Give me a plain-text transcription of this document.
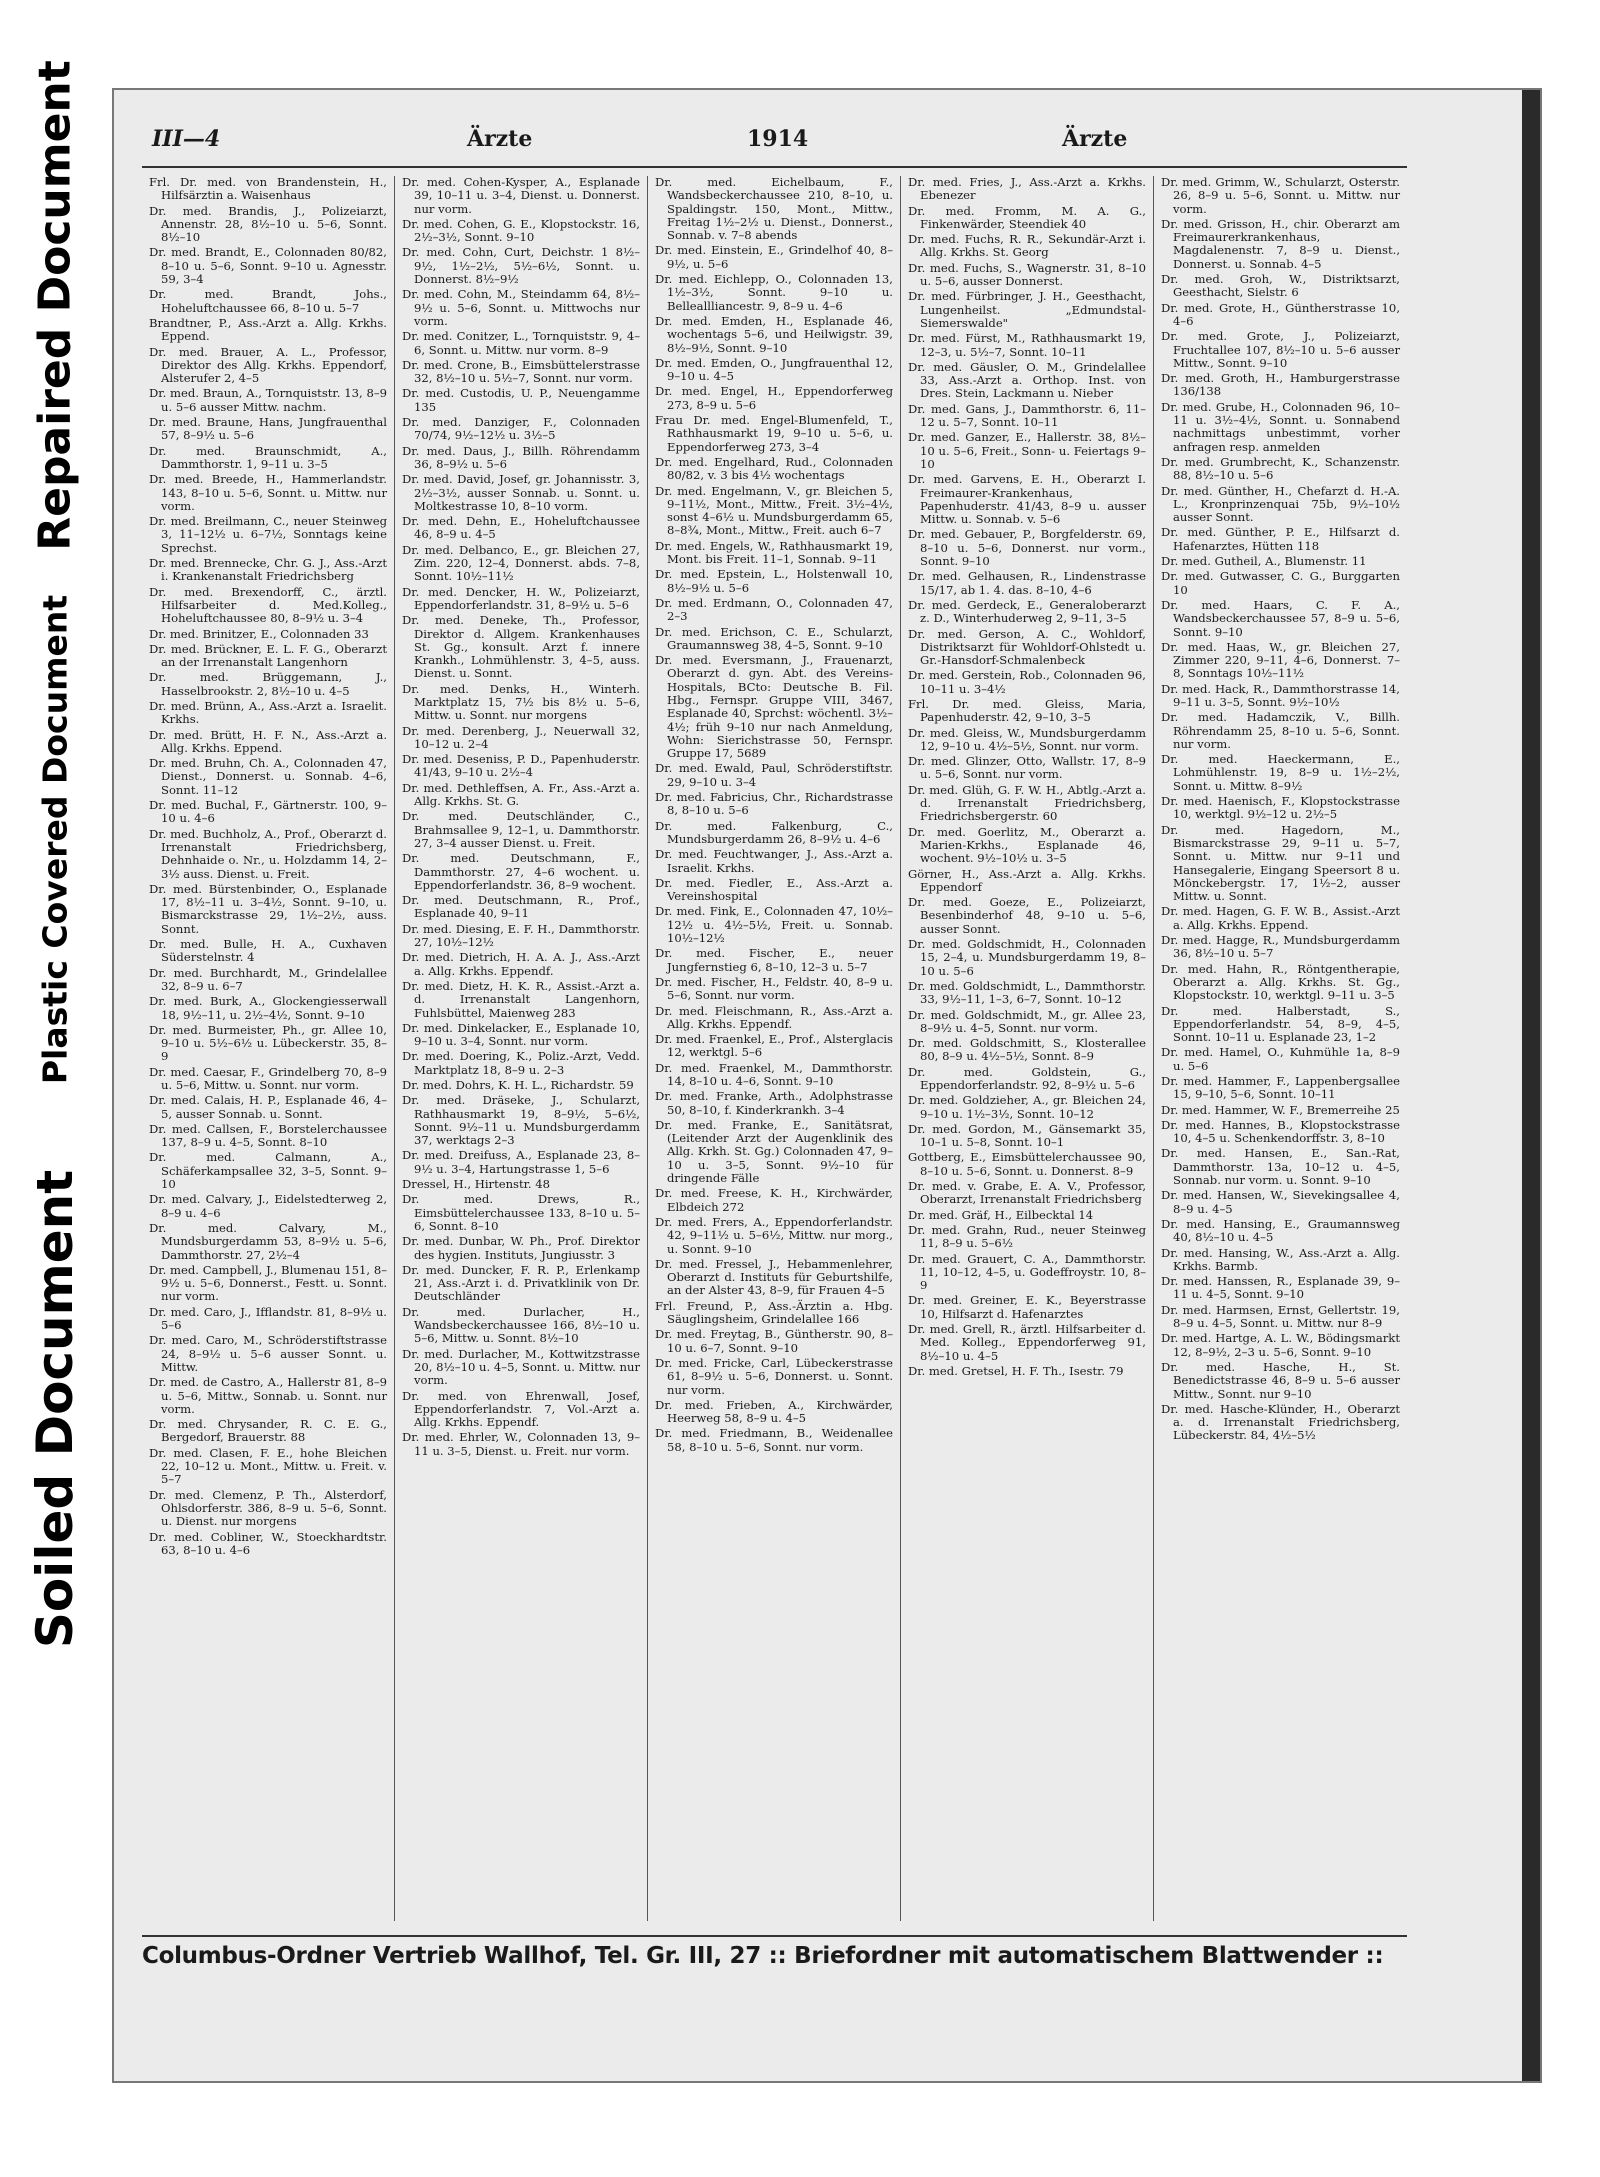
Repaired Document
Plastic Covered Document
Soiled Document
III—4	Ärzte	1914	Ärzte
Frl. Dr. med. von Brandenstein, H., Hilfsärztin a. Waisenhaus
Dr. med. Brandis, J., Polizeiarzt, Annenstr. 28, 8½–10 u. 5–6, Sonnt. 8½–10
Dr. med. Brandt, E., Colonnaden 80/82, 8–10 u. 5–6, Sonnt. 9–10 u. Agnesstr. 59, 3–4
Dr. med. Brandt, Johs., Hoheluftchaussee 66, 8–10 u. 5–7
Brandtner, P., Ass.-Arzt a. Allg. Krkhs. Eppend.
Dr. med. Brauer, A. L., Professor, Direktor des Allg. Krkhs. Eppendorf, Alsterufer 2, 4–5
Dr. med. Braun, A., Tornquiststr. 13, 8–9 u. 5–6 ausser Mittw. nachm.
Dr. med. Braune, Hans, Jungfrauenthal 57, 8–9½ u. 5–6
Dr. med. Braunschmidt, A., Dammthorstr. 1, 9–11 u. 3–5
Dr. med. Breede, H., Hammerlandstr. 143, 8–10 u. 5–6, Sonnt. u. Mittw. nur vorm.
Dr. med. Breilmann, C., neuer Steinweg 3, 11–12½ u. 6–7½, Sonntags keine Sprechst.
Dr. med. Brennecke, Chr. G. J., Ass.-Arzt i. Krankenanstalt Friedrichsberg
Dr. med. Brexendorff, C., ärztl. Hilfsarbeiter d. Med.Kolleg., Hoheluftchaussee 80, 8–9½ u. 3–4
Dr. med. Brinitzer, E., Colonnaden 33
Dr. med. Brückner, E. L. F. G., Oberarzt an der Irrenanstalt Langenhorn
Dr. med. Brüggemann, J., Hasselbrookstr. 2, 8½–10 u. 4–5
Dr. med. Brünn, A., Ass.-Arzt a. Israelit. Krkhs.
Dr. med. Brütt, H. F. N., Ass.-Arzt a. Allg. Krkhs. Eppend.
Dr. med. Bruhn, Ch. A., Colonnaden 47, Dienst., Donnerst. u. Sonnab. 4–6, Sonnt. 11–12
Dr. med. Buchal, F., Gärtnerstr. 100, 9–10 u. 4–6
Dr. med. Buchholz, A., Prof., Oberarzt d. Irrenanstalt Friedrichsberg, Dehnhaide o. Nr., u. Holzdamm 14, 2–3½ auss. Dienst. u. Freit.
Dr. med. Bürstenbinder, O., Esplanade 17, 8½–11 u. 3–4½, Sonnt. 9–10, u. Bismarckstrasse 29, 1½–2½, auss. Sonnt.
Dr. med. Bulle, H. A., Cuxhaven Süderstelnstr. 4
Dr. med. Burchhardt, M., Grindelallee 32, 8–9 u. 6–7
Dr. med. Burk, A., Glockengiesserwall 18, 9½–11, u. 2½–4½, Sonnt. 9–10
Dr. med. Burmeister, Ph., gr. Allee 10, 9–10 u. 5½–6½ u. Lübeckerstr. 35, 8–9
Dr. med. Caesar, F., Grindelberg 70, 8–9 u. 5–6, Mittw. u. Sonnt. nur vorm.
Dr. med. Calais, H. P., Esplanade 46, 4–5, ausser Sonnab. u. Sonnt.
Dr. med. Callsen, F., Borstelerchaussee 137, 8–9 u. 4–5, Sonnt. 8–10
Dr. med. Calmann, A., Schäferkampsallee 32, 3–5, Sonnt. 9–10
Dr. med. Calvary, J., Eidelstedterweg 2, 8–9 u. 4–6
Dr. med. Calvary, M., Mundsburgerdamm 53, 8–9½ u. 5–6, Dammthorstr. 27, 2½–4
Dr. med. Campbell, J., Blumenau 151, 8–9½ u. 5–6, Donnerst., Festt. u. Sonnt. nur vorm.
Dr. med. Caro, J., Ifflandstr. 81, 8–9½ u. 5–6
Dr. med. Caro, M., Schröderstiftstrasse 24, 8–9½ u. 5–6 ausser Sonnt. u. Mittw.
Dr. med. de Castro, A., Hallerstr 81, 8–9 u. 5–6, Mittw., Sonnab. u. Sonnt. nur vorm.
Dr. med. Chrysander, R. C. E. G., Bergedorf, Brauerstr. 88
Dr. med. Clasen, F. E., hohe Bleichen 22, 10–12 u. Mont., Mittw. u. Freit. v. 5–7
Dr. med. Clemenz, P. Th., Alsterdorf, Ohlsdorferstr. 386, 8–9 u. 5–6, Sonnt. u. Dienst. nur morgens
Dr. med. Cobliner, W., Stoeckhardtstr. 63, 8–10 u. 4–6
Dr. med. Cohen-Kysper, A., Esplanade 39, 10–11 u. 3–4, Dienst. u. Donnerst. nur vorm.
Dr. med. Cohen, G. E., Klopstockstr. 16, 2½–3½, Sonnt. 9–10
Dr. med. Cohn, Curt, Deichstr. 1 8½–9½, 1½–2½, 5½–6½, Sonnt. u. Donnerst. 8½–9½
Dr. med. Cohn, M., Steindamm 64, 8½–9½ u. 5–6, Sonnt. u. Mittwochs nur vorm.
Dr. med. Conitzer, L., Tornquiststr. 9, 4–6, Sonnt. u. Mittw. nur vorm. 8–9
Dr. med. Crone, B., Eimsbüttelerstrasse 32, 8½–10 u. 5½–7, Sonnt. nur vorm.
Dr. med. Custodis, U. P., Neuengamme 135
Dr. med. Danziger, F., Colonnaden 70/74, 9½–12½ u. 3½–5
Dr. med. Daus, J., Billh. Röhrendamm 36, 8–9½ u. 5–6
Dr. med. David, Josef, gr. Johannisstr. 3, 2½–3½, ausser Sonnab. u. Sonnt. u. Moltkestrasse 10, 8–10 vorm.
Dr. med. Dehn, E., Hoheluftchaussee 46, 8–9 u. 4–5
Dr. med. Delbanco, E., gr. Bleichen 27, Zim. 220, 12–4, Donnerst. abds. 7–8, Sonnt. 10½–11½
Dr. med. Dencker, H. W., Polizeiarzt, Eppendorferlandstr. 31, 8–9½ u. 5–6
Dr. med. Deneke, Th., Professor, Direktor d. Allgem. Krankenhauses St. Gg., konsult. Arzt f. innere Krankh., Lohmühlenstr. 3, 4–5, auss. Dienst. u. Sonnt.
Dr. med. Denks, H., Winterh. Marktplatz 15, 7½ bis 8½ u. 5–6, Mittw. u. Sonnt. nur morgens
Dr. med. Derenberg, J., Neuerwall 32, 10–12 u. 2–4
Dr. med. Deseniss, P. D., Papenhuderstr. 41/43, 9–10 u. 2½–4
Dr. med. Dethleffsen, A. Fr., Ass.-Arzt a. Allg. Krkhs. St. G.
Dr. med. Deutschländer, C., Brahmsallee 9, 12–1, u. Dammthorstr. 27, 3–4 ausser Dienst. u. Freit.
Dr. med. Deutschmann, F., Dammthorstr. 27, 4–6 wochent. u. Eppendorferlandstr. 36, 8–9 wochent.
Dr. med. Deutschmann, R., Prof., Esplanade 40, 9–11
Dr. med. Diesing, E. F. H., Dammthorstr. 27, 10½–12½
Dr. med. Dietrich, H. A. A. J., Ass.-Arzt a. Allg. Krkhs. Eppendf.
Dr. med. Dietz, H. K. R., Assist.-Arzt a. d. Irrenanstalt Langenhorn, Fuhlsbüttel, Maienweg 283
Dr. med. Dinkelacker, E., Esplanade 10, 9–10 u. 3–4, Sonnt. nur vorm.
Dr. med. Doering, K., Poliz.-Arzt, Vedd. Marktplatz 18, 8–9 u. 2–3
Dr. med. Dohrs, K. H. L., Richardstr. 59
Dr. med. Dräseke, J., Schularzt, Rathhausmarkt 19, 8–9½, 5–6½, Sonnt. 9½–11 u. Mundsburgerdamm 37, werktags 2–3
Dr. med. Dreifuss, A., Esplanade 23, 8–9½ u. 3–4, Hartungstrasse 1, 5–6
Dressel, H., Hirtenstr. 48
Dr. med. Drews, R., Eimsbüttelerchaussee 133, 8–10 u. 5–6, Sonnt. 8–10
Dr. med. Dunbar, W. Ph., Prof. Direktor des hygien. Instituts, Jungiusstr. 3
Dr. med. Duncker, F. R. P., Erlenkamp 21, Ass.-Arzt i. d. Privatklinik von Dr. Deutschländer
Dr. med. Durlacher, H., Wandsbeckerchaussee 166, 8½–10 u. 5–6, Mittw. u. Sonnt. 8½–10
Dr. med. Durlacher, M., Kottwitzstrasse 20, 8½–10 u. 4–5, Sonnt. u. Mittw. nur vorm.
Dr. med. von Ehrenwall, Josef, Eppendorferlandstr. 7, Vol.-Arzt a. Allg. Krkhs. Eppendf.
Dr. med. Ehrler, W., Colonnaden 13, 9–11 u. 3–5, Dienst. u. Freit. nur vorm.
Dr. med. Eichelbaum, F., Wandsbeckerchaussee 210, 8–10, u. Spaldingstr. 150, Mont., Mittw., Freitag 1½–2½ u. Dienst., Donnerst., Sonnab. v. 7–8 abends
Dr. med. Einstein, E., Grindelhof 40, 8–9½, u. 5–6
Dr. med. Eichlepp, O., Colonnaden 13, 1½–3½, Sonnt. 9–10 u. Belleallliancestr. 9, 8–9 u. 4–6
Dr. med. Emden, H., Esplanade 46, wochentags 5–6, und Heilwigstr. 39, 8½–9½, Sonnt. 9–10
Dr. med. Emden, O., Jungfrauenthal 12, 9–10 u. 4–5
Dr. med. Engel, H., Eppendorferweg 273, 8–9 u. 5–6
Frau Dr. med. Engel-Blumenfeld, T., Rathhausmarkt 19, 9–10 u. 5–6, u. Eppendorferweg 273, 3–4
Dr. med. Engelhard, Rud., Colonnaden 80/82, v. 3 bis 4½ wochentags
Dr. med. Engelmann, V., gr. Bleichen 5, 9–11½, Mont., Mittw., Freit. 3½–4½, sonst 4–6½ u. Mundsburgerdamm 65, 8–8¾, Mont., Mittw., Freit. auch 6–7
Dr. med. Engels, W., Rathhausmarkt 19, Mont. bis Freit. 11–1, Sonnab. 9–11
Dr. med. Epstein, L., Holstenwall 10, 8½–9½ u. 5–6
Dr. med. Erdmann, O., Colonnaden 47, 2–3
Dr. med. Erichson, C. E., Schularzt, Graumannsweg 38, 4–5, Sonnt. 9–10
Dr. med. Eversmann, J., Frauenarzt, Oberarzt d. gyn. Abt. des Vereins-Hospitals, BCto: Deutsche B. Fil. Hbg., Fernspr. Gruppe VIII, 3467, Esplanade 40, Sprchst: wöchentl. 3½–4½; früh 9–10 nur nach Anmeldung, Wohn: Sierichstrasse 50, Fernspr. Gruppe 17, 5689
Dr. med. Ewald, Paul, Schröderstiftstr. 29, 9–10 u. 3–4
Dr. med. Fabricius, Chr., Richardstrasse 8, 8–10 u. 5–6
Dr. med. Falkenburg, C., Mundsburgerdamm 26, 8–9½ u. 4–6
Dr. med. Feuchtwanger, J., Ass.-Arzt a. Israelit. Krkhs.
Dr. med. Fiedler, E., Ass.-Arzt a. Vereinshospital
Dr. med. Fink, E., Colonnaden 47, 10½–12½ u. 4½–5½, Freit. u. Sonnab. 10½–12½
Dr. med. Fischer, E., neuer Jungfernstieg 6, 8–10, 12–3 u. 5–7
Dr. med. Fischer, H., Feldstr. 40, 8–9 u. 5–6, Sonnt. nur vorm.
Dr. med. Fleischmann, R., Ass.-Arzt a. Allg. Krkhs. Eppendf.
Dr. med. Fraenkel, E., Prof., Alsterglacis 12, werktgl. 5–6
Dr. med. Fraenkel, M., Dammthorstr. 14, 8–10 u. 4–6, Sonnt. 9–10
Dr. med. Franke, Arth., Adolphstrasse 50, 8–10, f. Kinderkrankh. 3–4
Dr. med. Franke, E., Sanitätsrat, (Leitender Arzt der Augenklinik des Allg. Krkh. St. Gg.) Colonnaden 47, 9–10 u. 3–5, Sonnt. 9½–10 für dringende Fälle
Dr. med. Freese, K. H., Kirchwärder, Elbdeich 272
Dr. med. Frers, A., Eppendorferlandstr. 42, 9–11½ u. 5–6½, Mittw. nur morg., u. Sonnt. 9–10
Dr. med. Fressel, J., Hebammenlehrer, Oberarzt d. Instituts für Geburtshilfe, an der Alster 43, 8–9, für Frauen 4–5
Frl. Freund, P., Ass.-Ärztin a. Hbg. Säuglingsheim, Grindelallee 166
Dr. med. Freytag, B., Güntherstr. 90, 8–10 u. 6–7, Sonnt. 9–10
Dr. med. Fricke, Carl, Lübeckerstrasse 61, 8–9½ u. 5–6, Donnerst. u. Sonnt. nur vorm.
Dr. med. Frieben, A., Kirchwärder, Heerweg 58, 8–9 u. 4–5
Dr. med. Friedmann, B., Weidenallee 58, 8–10 u. 5–6, Sonnt. nur vorm.
Dr. med. Fries, J., Ass.-Arzt a. Krkhs. Ebenezer
Dr. med. Fromm, M. A. G., Finkenwärder, Steendiek 40
Dr. med. Fuchs, R. R., Sekundär-Arzt i. Allg. Krkhs. St. Georg
Dr. med. Fuchs, S., Wagnerstr. 31, 8–10 u. 5–6, ausser Donnerst.
Dr. med. Fürbringer, J. H., Geesthacht, Lungenheilst. „Edmundstal-Siemerswalde"
Dr. med. Fürst, M., Rathhausmarkt 19, 12–3, u. 5½–7, Sonnt. 10–11
Dr. med. Gäusler, O. M., Grindelallee 33, Ass.-Arzt a. Orthop. Inst. von Dres. Stein, Lackmann u. Nieber
Dr. med. Gans, J., Dammthorstr. 6, 11–12 u. 5–7, Sonnt. 10–11
Dr. med. Ganzer, E., Hallerstr. 38, 8½–10 u. 5–6, Freit., Sonn- u. Feiertags 9–10
Dr. med. Garvens, E. H., Oberarzt I. Freimaurer-Krankenhaus, Papenhuderstr. 41/43, 8–9 u. ausser Mittw. u. Sonnab. v. 5–6
Dr. med. Gebauer, P., Borgfelderstr. 69, 8–10 u. 5–6, Donnerst. nur vorm., Sonnt. 9–10
Dr. med. Gelhausen, R., Lindenstrasse 15/17, ab 1. 4. das. 8–10, 4–6
Dr. med. Gerdeck, E., Generaloberarzt z. D., Winterhuderweg 2, 9–11, 3–5
Dr. med. Gerson, A. C., Wohldorf, Distriktsarzt für Wohldorf-Ohlstedt u. Gr.-Hansdorf-Schmalenbeck
Dr. med. Gerstein, Rob., Colonnaden 96, 10–11 u. 3–4½
Frl. Dr. med. Gleiss, Maria, Papenhuderstr. 42, 9–10, 3–5
Dr. med. Gleiss, W., Mundsburgerdamm 12, 9–10 u. 4½–5½, Sonnt. nur vorm.
Dr. med. Glinzer, Otto, Wallstr. 17, 8–9 u. 5–6, Sonnt. nur vorm.
Dr. med. Glüh, G. F. W. H., Abtlg.-Arzt a. d. Irrenanstalt Friedrichsberg, Friedrichsbergerstr. 60
Dr. med. Goerlitz, M., Oberarzt a. Marien-Krkhs., Esplanade 46, wochent. 9½–10½ u. 3–5
Görner, H., Ass.-Arzt a. Allg. Krkhs. Eppendorf
Dr. med. Goeze, E., Polizeiarzt, Besenbinderhof 48, 9–10 u. 5–6, ausser Sonnt.
Dr. med. Goldschmidt, H., Colonnaden 15, 2–4, u. Mundsburgerdamm 19, 8–10 u. 5–6
Dr. med. Goldschmidt, L., Dammthorstr. 33, 9½–11, 1–3, 6–7, Sonnt. 10–12
Dr. med. Goldschmidt, M., gr. Allee 23, 8–9½ u. 4–5, Sonnt. nur vorm.
Dr. med. Goldschmitt, S., Klosterallee 80, 8–9 u. 4½–5½, Sonnt. 8–9
Dr. med. Goldstein, G., Eppendorferlandstr. 92, 8–9½ u. 5–6
Dr. med. Goldzieher, A., gr. Bleichen 24, 9–10 u. 1½–3½, Sonnt. 10–12
Dr. med. Gordon, M., Gänsemarkt 35, 10–1 u. 5–8, Sonnt. 10–1
Gottberg, E., Eimsbüttelerchaussee 90, 8–10 u. 5–6, Sonnt. u. Donnerst. 8–9
Dr. med. v. Grabe, E. A. V., Professor, Oberarzt, Irrenanstalt Friedrichsberg
Dr. med. Gräf, H., Eilbecktal 14
Dr. med. Grahn, Rud., neuer Steinweg 11, 8–9 u. 5–6½
Dr. med. Grauert, C. A., Dammthorstr. 11, 10–12, 4–5, u. Godeffroystr. 10, 8–9
Dr. med. Greiner, E. K., Beyerstrasse 10, Hilfsarzt d. Hafenarztes
Dr. med. Grell, R., ärztl. Hilfsarbeiter d. Med. Kolleg., Eppendorferweg 91, 8½–10 u. 4–5
Dr. med. Gretsel, H. F. Th., Isestr. 79
Dr. med. Grimm, W., Schularzt, Osterstr. 26, 8–9 u. 5–6, Sonnt. u. Mittw. nur vorm.
Dr. med. Grisson, H., chir. Oberarzt am Freimaurerkrankenhaus, Magdalenenstr. 7, 8–9 u. Dienst., Donnerst. u. Sonnab. 4–5
Dr. med. Groh, W., Distriktsarzt, Geesthacht, Sielstr. 6
Dr. med. Grote, H., Güntherstrasse 10, 4–6
Dr. med. Grote, J., Polizeiarzt, Fruchtallee 107, 8½–10 u. 5–6 ausser Mittw., Sonnt. 9–10
Dr. med. Groth, H., Hamburgerstrasse 136/138
Dr. med. Grube, H., Colonnaden 96, 10–11 u. 3½–4½, Sonnt. u. Sonnabend nachmittags unbestimmt, vorher anfragen resp. anmelden
Dr. med. Grumbrecht, K., Schanzenstr. 88, 8½–10 u. 5–6
Dr. med. Günther, H., Chefarzt d. H.-A. L., Kronprinzenquai 75b, 9½–10½ ausser Sonnt.
Dr. med. Günther, P. E., Hilfsarzt d. Hafenarztes, Hütten 118
Dr. med. Gutheil, A., Blumenstr. 11
Dr. med. Gutwasser, C. G., Burggarten 10
Dr. med. Haars, C. F. A., Wandsbeckerchaussee 57, 8–9 u. 5–6, Sonnt. 9–10
Dr. med. Haas, W., gr. Bleichen 27, Zimmer 220, 9–11, 4–6, Donnerst. 7–8, Sonntags 10½–11½
Dr. med. Hack, R., Dammthorstrasse 14, 9–11 u. 3–5, Sonnt. 9½–10½
Dr. med. Hadamczik, V., Billh. Röhrendamm 25, 8–10 u. 5–6, Sonnt. nur vorm.
Dr. med. Haeckermann, E., Lohmühlenstr. 19, 8–9 u. 1½–2½, Sonnt. u. Mittw. 8–9½
Dr. med. Haenisch, F., Klopstockstrasse 10, werktgl. 9½–12 u. 2½–5
Dr. med. Hagedorn, M., Bismarckstrasse 29, 9–11 u. 5–7, Sonnt. u. Mittw. nur 9–11 und Hansegalerie, Eingang Speersort 8 u. Mönckebergstr. 17, 1½–2, ausser Mittw. u. Sonnt.
Dr. med. Hagen, G. F. W. B., Assist.-Arzt a. Allg. Krkhs. Eppend.
Dr. med. Hagge, R., Mundsburgerdamm 36, 8½–10 u. 5–7
Dr. med. Hahn, R., Röntgentherapie, Oberarzt a. Allg. Krkhs. St. Gg., Klopstockstr. 10, werktgl. 9–11 u. 3–5
Dr. med. Halberstadt, S., Eppendorferlandstr. 54, 8–9, 4–5, Sonnt. 10–11 u. Esplanade 23, 1–2
Dr. med. Hamel, O., Kuhmühle 1a, 8–9 u. 5–6
Dr. med. Hammer, F., Lappenbergsallee 15, 9–10, 5–6, Sonnt. 10–11
Dr. med. Hammer, W. F., Bremerreihe 25
Dr. med. Hannes, B., Klopstockstrasse 10, 4–5 u. Schenkendorffstr. 3, 8–10
Dr. med. Hansen, E., San.-Rat, Dammthorstr. 13a, 10–12 u. 4–5, Sonnab. nur vorm. u. Sonnt. 9–10
Dr. med. Hansen, W., Sievekingsallee 4, 8–9 u. 4–5
Dr. med. Hansing, E., Graumannsweg 40, 8½–10 u. 4–5
Dr. med. Hansing, W., Ass.-Arzt a. Allg. Krkhs. Barmb.
Dr. med. Hanssen, R., Esplanade 39, 9–11 u. 4–5, Sonnt. 9–10
Dr. med. Harmsen, Ernst, Gellertstr. 19, 8–9 u. 4–5, Sonnt. u. Mittw. nur 8–9
Dr. med. Hartge, A. L. W., Bödingsmarkt 12, 8–9½, 2–3 u. 5–6, Sonnt. 9–10
Dr. med. Hasche, H., St. Benedictstrasse 46, 8–9 u. 5–6 ausser Mittw., Sonnt. nur 9–10
Dr. med. Hasche-Klünder, H., Oberarzt a. d. Irrenanstalt Friedrichsberg, Lübeckerstr. 84, 4½–5½
Columbus-Ordner Vertrieb Wallhof, Tel. Gr. III, 27 :: Briefordner mit automatischem Blattwender ::
